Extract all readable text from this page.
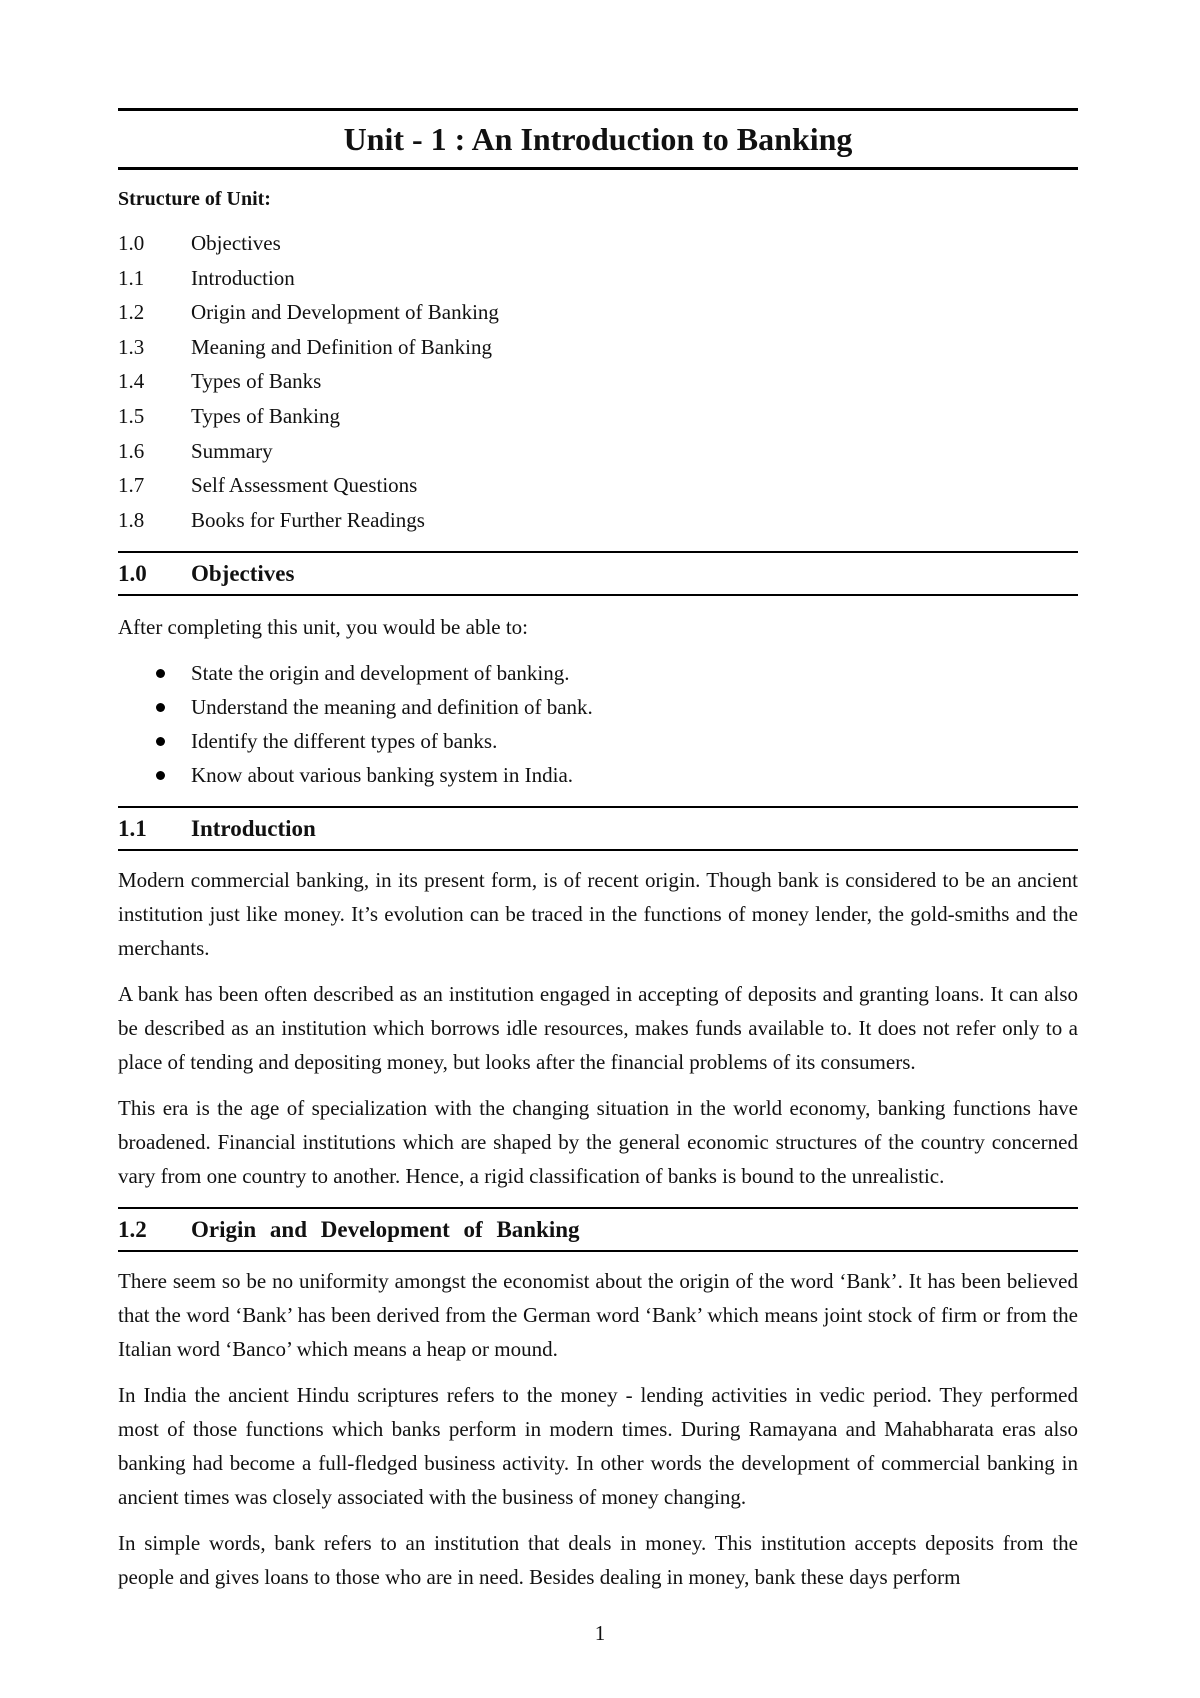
Unit - 1 : An Introduction to Banking
Structure of Unit:
1.0	Objectives
1.1	Introduction
1.2	Origin and Development of Banking
1.3	Meaning and Definition of Banking
1.4	Types of Banks
1.5	Types of Banking
1.6	Summary
1.7	Self Assessment Questions
1.8	Books for Further Readings
1.0	Objectives

After completing this unit, you would be able to:

State the origin and development of banking.
Understand the meaning and definition of bank.
Identify the different types of banks.
Know about various banking system in India.
1.1	Introduction

Modern commercial banking, in its present form, is of recent origin. Though bank is considered to be an ancient institution just like money. It’s evolution can be traced in the functions of money lender, the gold-smiths and the merchants.

A bank has been often described as an institution engaged in accepting of deposits and granting loans. It can also be described as an institution which borrows idle resources, makes funds available to. It does not refer only to a place of tending and depositing money, but looks after the financial problems of its consumers.

This era is the age of specialization with the changing situation in the world economy, banking functions have broadened. Financial institutions which are shaped by the general economic structures of the country concerned vary from one country to another. Hence, a rigid classification of banks is bound to the unrealistic.

1.2	Origin and Development of Banking

There seem so be no uniformity amongst the economist about the origin of the word ‘Bank’. It has been believed that the word ‘Bank’ has been derived from the German word ‘Bank’ which means joint stock of firm or from the Italian word ‘Banco’ which means a heap or mound.

In India the ancient Hindu scriptures refers to the money - lending activities in vedic period. They performed most of those functions which banks perform in modern times. During Ramayana and Mahabharata eras also banking had become a full-fledged business activity. In other words the development of commercial banking in ancient times was closely associated with the business of money changing.

In simple words, bank refers to an institution that deals in money. This institution accepts deposits from the people and gives loans to those who are in need. Besides dealing in money, bank these days perform

1
